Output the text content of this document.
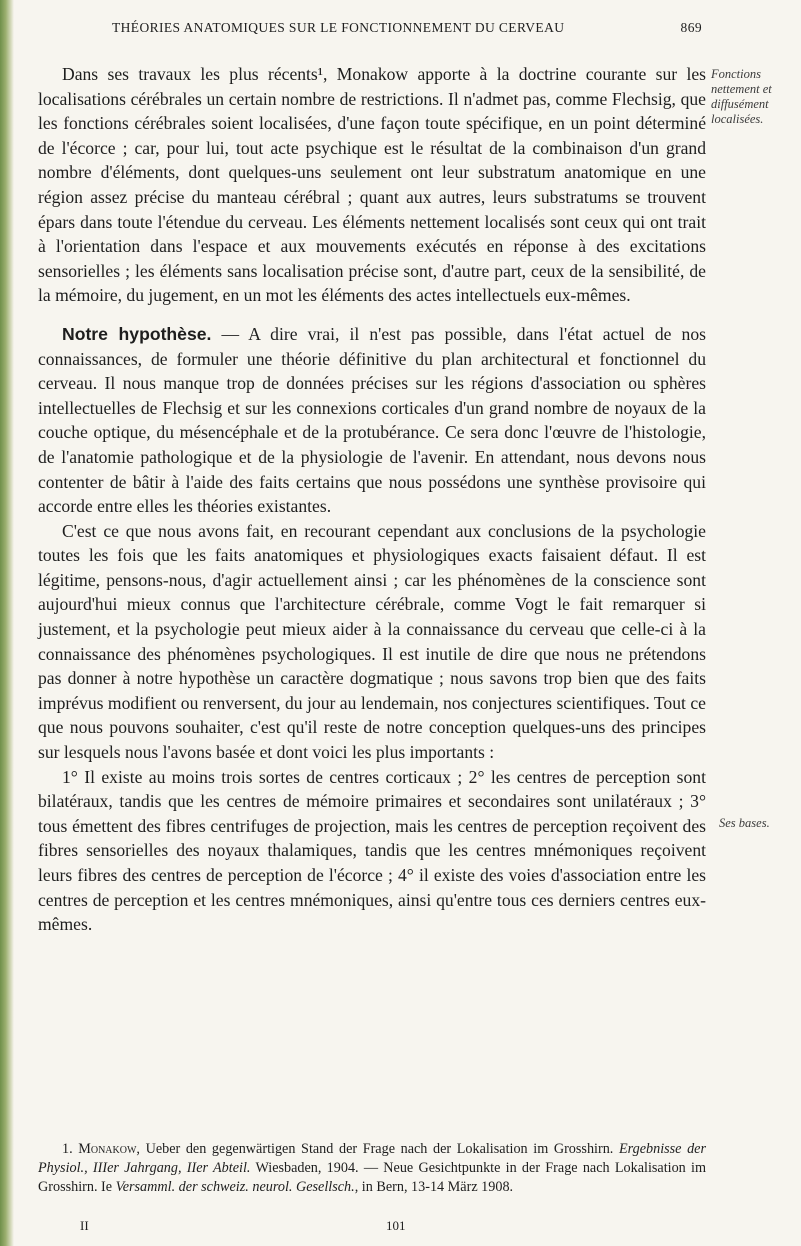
THÉORIES ANATOMIQUES SUR LE FONCTIONNEMENT DU CERVEAU	869
Fonctions
nettement et
diffusément
localisées.
Ses bases.

Dans ses travaux les plus récents¹, Monakow apporte à la doctrine courante sur les localisations cérébrales un certain nombre de restrictions. Il n'admet pas, comme Flechsig, que les fonctions cérébrales soient localisées, d'une façon toute spécifique, en un point déterminé de l'écorce ; car, pour lui, tout acte psychique est le résultat de la combinaison d'un grand nombre d'éléments, dont quelques-uns seulement ont leur substratum anatomique en une région assez précise du manteau cérébral ; quant aux autres, leurs substratums se trouvent épars dans toute l'étendue du cerveau. Les éléments nettement localisés sont ceux qui ont trait à l'orientation dans l'espace et aux mouvements exécutés en réponse à des excitations sensorielles ; les éléments sans localisation précise sont, d'autre part, ceux de la sensibilité, de la mémoire, du jugement, en un mot les éléments des actes intellectuels eux-mêmes.

Notre hypothèse. — A dire vrai, il n'est pas possible, dans l'état actuel de nos connaissances, de formuler une théorie définitive du plan architectural et fonctionnel du cerveau. Il nous manque trop de données précises sur les régions d'association ou sphères intellectuelles de Flechsig et sur les connexions corticales d'un grand nombre de noyaux de la couche optique, du mésencéphale et de la protubérance. Ce sera donc l'œuvre de l'histologie, de l'anatomie pathologique et de la physiologie de l'avenir. En attendant, nous devons nous contenter de bâtir à l'aide des faits certains que nous possédons une synthèse provisoire qui accorde entre elles les théories existantes.

C'est ce que nous avons fait, en recourant cependant aux conclusions de la psychologie toutes les fois que les faits anatomiques et physiologiques exacts faisaient défaut. Il est légitime, pensons-nous, d'agir actuellement ainsi ; car les phénomènes de la conscience sont aujourd'hui mieux connus que l'architecture cérébrale, comme Vogt le fait remarquer si justement, et la psychologie peut mieux aider à la connaissance du cerveau que celle-ci à la connaissance des phénomènes psychologiques. Il est inutile de dire que nous ne prétendons pas donner à notre hypothèse un caractère dogmatique ; nous savons trop bien que des faits imprévus modifient ou renversent, du jour au lendemain, nos conjectures scientifiques. Tout ce que nous pouvons souhaiter, c'est qu'il reste de notre conception quelques-uns des principes sur lesquels nous l'avons basée et dont voici les plus importants :

1° Il existe au moins trois sortes de centres corticaux ; 2° les centres de perception sont bilatéraux, tandis que les centres de mémoire primaires et secondaires sont unilatéraux ; 3° tous émettent des fibres centrifuges de projection, mais les centres de perception reçoivent des fibres sensorielles des noyaux thalamiques, tandis que les centres mnémoniques reçoivent leurs fibres des centres de perception de l'écorce ; 4° il existe des voies d'association entre les centres de perception et les centres mnémoniques, ainsi qu'entre tous ces derniers centres eux-mêmes.

1. Monakow, Ueber den gegenwärtigen Stand der Frage nach der Lokalisation im Grosshirn. Ergebnisse der Physiol., IIIer Jahrgang, IIer Abteil. Wiesbaden, 1904. — Neue Gesichtpunkte in der Frage nach Lokalisation im Grosshirn. Ie Versamml. der schweiz. neurol. Gesellsch., in Bern, 13-14 März 1908.

II	101
